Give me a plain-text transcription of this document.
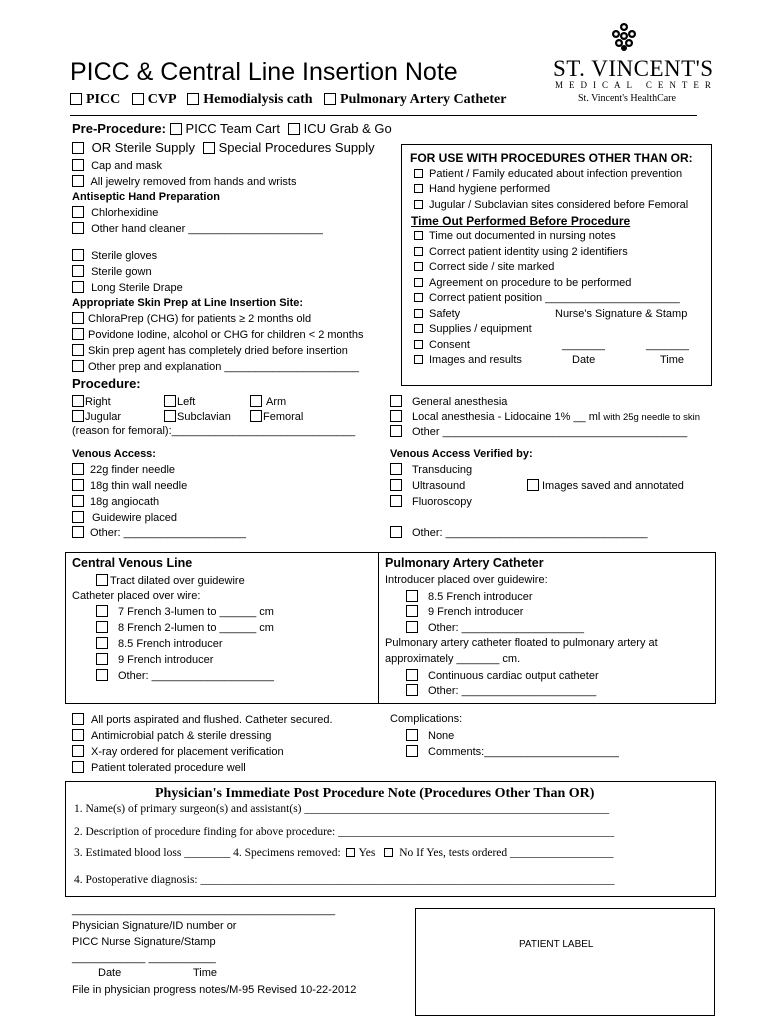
PICC & Central Line Insertion Note
PICC CVP Hemodialysis cath Pulmonary Artery Catheter
ST. VINCENT'S
MEDICAL CENTER
St. Vincent's HealthCare
Pre-Procedure: PICC Team Cart ICU Grab & Go
OR Sterile Supply Special Procedures Supply
Cap and mask
All jewelry removed from hands and wrists
Antiseptic Hand Preparation
Chlorhexidine
Other hand cleaner ______________________
Sterile gloves
Sterile gown
Long Sterile Drape
Appropriate Skin Prep at Line Insertion Site:
ChloraPrep (CHG) for patients ≥ 2 months old
Povidone Iodine, alcohol or CHG for children < 2 months
Skin prep agent has completely dried before insertion
Other prep and explanation ______________________
FOR USE WITH PROCEDURES OTHER THAN OR:
Patient / Family educated about infection prevention
Hand hygiene performed
Jugular / Subclavian sites considered before Femoral
Time Out Performed Before Procedure
Time out documented in nursing notes
Correct patient identity using 2 identifiers
Correct side / site marked
Agreement on procedure to be performed
Correct patient position ______________________
Safety	Nurse's Signature & Stamp
Supplies / equipment
Consent	_______	_______
Images and results	Date	Time
Procedure:
Right	Left	Arm
Jugular	Subclavian	Femoral
(reason for femoral):______________________________
General anesthesia
Local anesthesia - Lidocaine 1% __ ml with 25g needle to skin
Other ________________________________________
Venous Access:
22g finder needle
18g thin wall needle
18g angiocath
Guidewire placed
Other: ____________________
Venous Access Verified by:
Transducing
Ultrasound	Images saved and annotated
Fluoroscopy
Other: _________________________________
Central Venous Line
Tract dilated over guidewire
Catheter placed over wire:
7 French 3-lumen to ______ cm
8 French 2-lumen to ______ cm
8.5 French introducer
9 French introducer
Other: ____________________
Pulmonary Artery Catheter
Introducer placed over guidewire:
8.5 French introducer
9 French introducer
Other: ____________________
Pulmonary artery catheter floated to pulmonary artery at
approximately _______ cm.
Continuous cardiac output catheter
Other: ______________________
All ports aspirated and flushed. Catheter secured.
Antimicrobial patch & sterile dressing
X-ray ordered for placement verification
Patient tolerated procedure well
Complications:
None
Comments:______________________
Physician's Immediate Post Procedure Note (Procedures Other Than OR)
1. Name(s) of primary surgeon(s) and assistant(s) _____________________________________________________
2. Description of procedure finding for above procedure: ________________________________________________
3. Estimated blood loss ________ 4. Specimens removed: Yes No If Yes, tests ordered __________________
4. Postoperative diagnosis: ________________________________________________________________________
___________________________________________
Physician Signature/ID number or
PICC Nurse Signature/Stamp
____________ ___________
Date	Time
File in physician progress notes/M-95 Revised 10-22-2012
PATIENT LABEL
